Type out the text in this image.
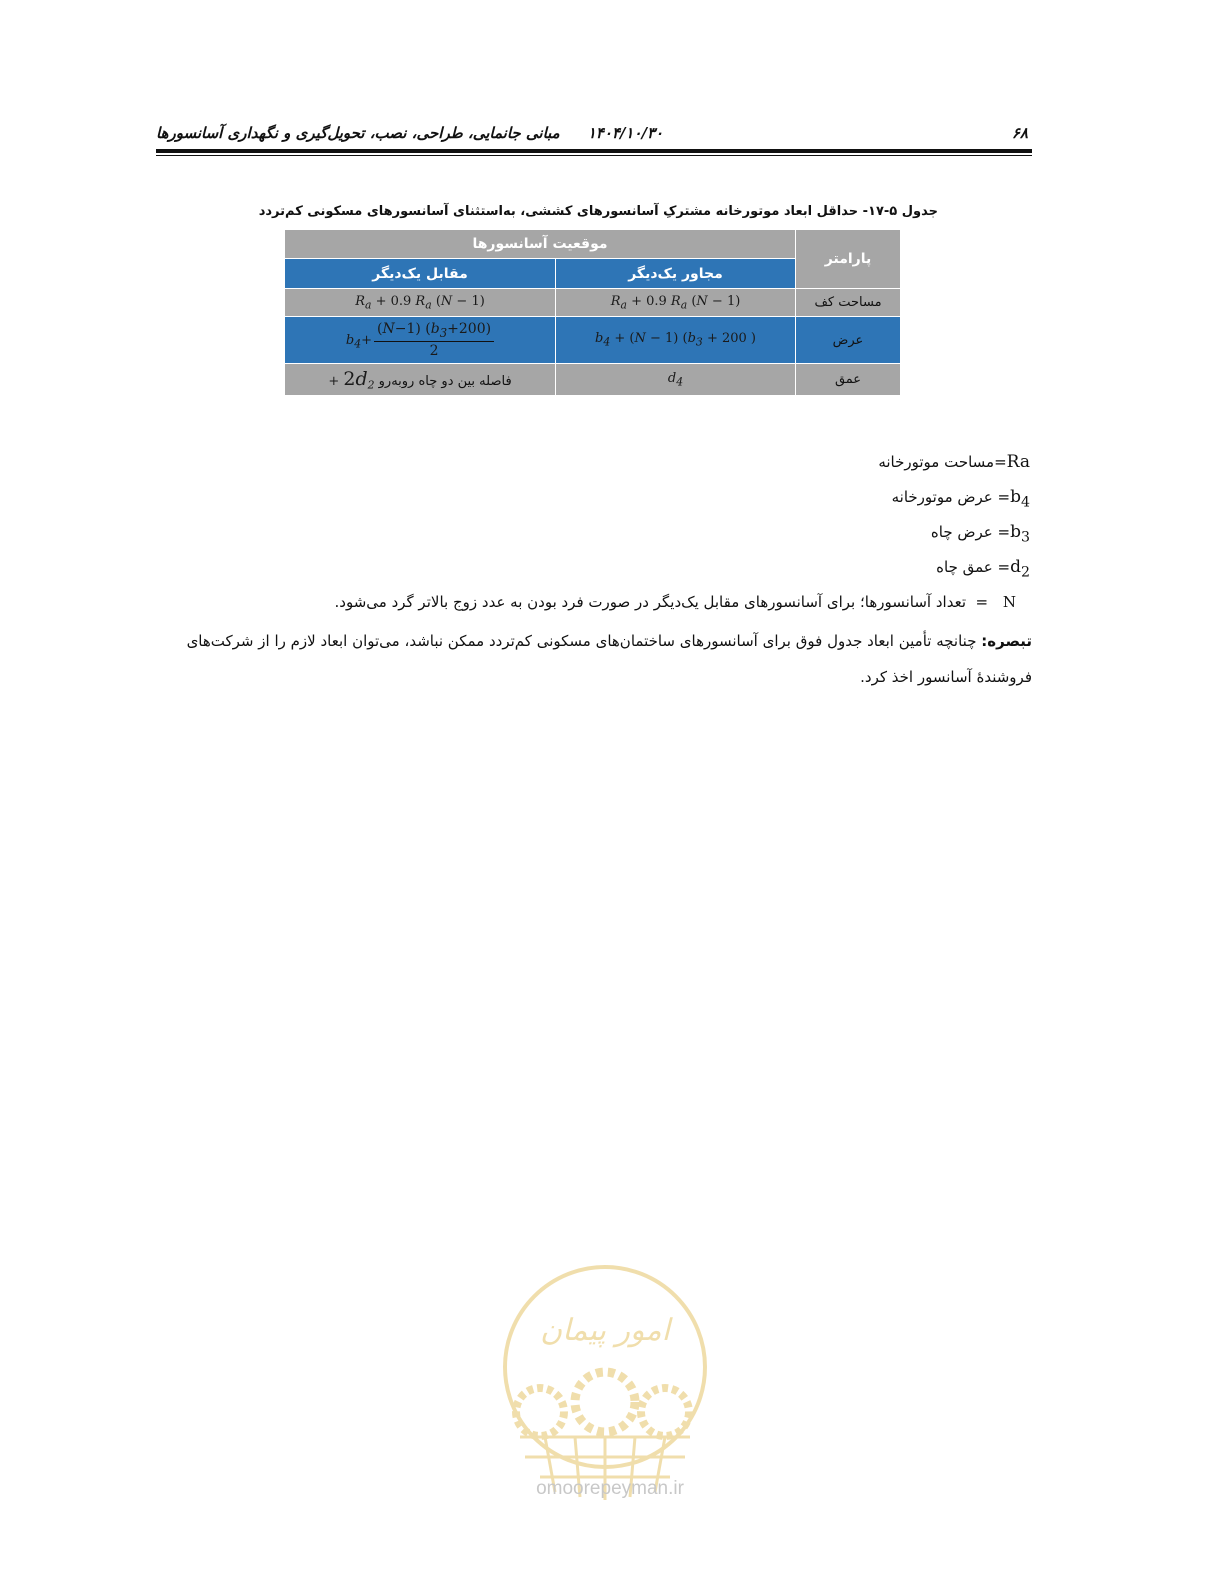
۶۸
۱۴۰۴/۱۰/۳۰مبانی جانمایی، طراحی، نصب، تحویل‌گیری و نگهداری آسانسورها
جدول ۵-۱۷- حداقل ابعاد موتورخانه مشترکِ آسانسورهای کششی، به‌استثنای آسانسورهای مسکونی کم‌تردد
پارامتر	موقعیت آسانسورها	
	مجاور یک‌دیگر	مقابل یک‌دیگر
مساحت کف	$R_a + 0.9$ $R_a$ (N − 1)	$R_a + 0.9$ $R_a$ (N − 1)
عرض	$b_4 + (N - 1) (b_3 + 200$ )	$b_4+ \frac{(N-1) (b_3+200)}{2}$

عمق	$d_4$	فاصله بین دو چاه روبه‌رو + $2d_2$
Ra=مساحت موتورخانه
$b_4=$ عرض موتورخانه
$b_3=$ عرض چاه
$d_2=$ عمق چاه
N =  تعداد آسانسورها؛ برای آسانسورهای مقابل یک‌دیگر در صورت فرد بودن به عدد زوج بالاتر گرد می‌شود.
تبصره: چنانچه تأمین ابعاد جدول فوق برای آسانسورهای ساختمان‌های مسکونی کم‌تردد ممکن نباشد، می‌توان ابعاد لازم را از شرکت‌های فروشندهٔ آسانسور اخذ کرد.
امور پیمان
omoorepeyman.ir
